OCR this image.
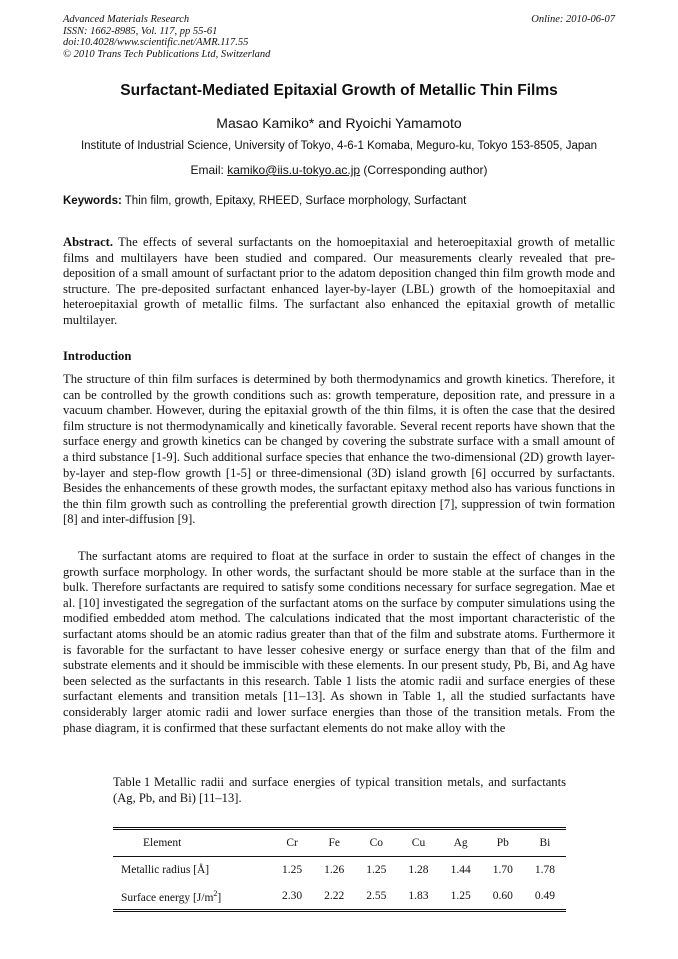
Advanced Materials Research
ISSN: 1662-8985, Vol. 117, pp 55-61
doi:10.4028/www.scientific.net/AMR.117.55
© 2010 Trans Tech Publications Ltd, Switzerland
Online: 2010-06-07
Surfactant-Mediated Epitaxial Growth of Metallic Thin Films
Masao Kamiko* and Ryoichi Yamamoto
Institute of Industrial Science, University of Tokyo, 4-6-1 Komaba, Meguro-ku, Tokyo 153-8505, Japan
Email: kamiko@iis.u-tokyo.ac.jp (Corresponding author)
Keywords: Thin film, growth, Epitaxy, RHEED, Surface morphology, Surfactant

Abstract. The effects of several surfactants on the homoepitaxial and heteroepitaxial growth of metallic films and multilayers have been studied and compared. Our measurements clearly revealed that pre-deposition of a small amount of surfactant prior to the adatom deposition changed thin film growth mode and structure. The pre-deposited surfactant enhanced layer-by-layer (LBL) growth of the homoepitaxial and heteroepitaxial growth of metallic films. The surfactant also enhanced the epitaxial growth of metallic multilayer.

Introduction

The structure of thin film surfaces is determined by both thermodynamics and growth kinetics. Therefore, it can be controlled by the growth conditions such as: growth temperature, deposition rate, and pressure in a vacuum chamber. However, during the epitaxial growth of the thin films, it is often the case that the desired film structure is not thermodynamically and kinetically favorable. Several recent reports have shown that the surface energy and growth kinetics can be changed by covering the substrate surface with a small amount of a third substance [1-9]. Such additional surface species that enhance the two-dimensional (2D) growth layer-by-layer and step-flow growth [1-5] or three-dimensional (3D) island growth [6] occurred by surfactants. Besides the enhancements of these growth modes, the surfactant epitaxy method also has various functions in the thin film growth such as controlling the preferential growth direction [7], suppression of twin formation [8] and inter-diffusion [9].

The surfactant atoms are required to float at the surface in order to sustain the effect of changes in the growth surface morphology. In other words, the surfactant should be more stable at the surface than in the bulk. Therefore surfactants are required to satisfy some conditions necessary for surface segregation. Mae et al. [10] investigated the segregation of the surfactant atoms on the surface by computer simulations using the modified embedded atom method. The calculations indicated that the most important characteristic of the surfactant atoms should be an atomic radius greater than that of the film and substrate atoms. Furthermore it is favorable for the surfactant to have lesser cohesive energy or surface energy than that of the film and substrate elements and it should be immiscible with these elements. In our present study, Pb, Bi, and Ag have been selected as the surfactants in this research. Table 1 lists the atomic radii and surface energies of these surfactant elements and transition metals [11–13]. As shown in Table 1, all the studied surfactants have considerably larger atomic radii and lower surface energies than those of the transition metals. From the phase diagram, it is confirmed that these surfactant elements do not make alloy with the

Table 1 Metallic radii and surface energies of typical transition metals, and surfactants (Ag, Pb, and Bi) [11–13].
Element	Cr	Fe	Co	Cu	Ag	Pb	Bi
Metallic radius [Å]	1.25	1.26	1.25	1.28	1.44	1.70	1.78
Surface energy $[J/m^2]$	2.30	2.22	2.55	1.83	1.25	0.60	0.49
